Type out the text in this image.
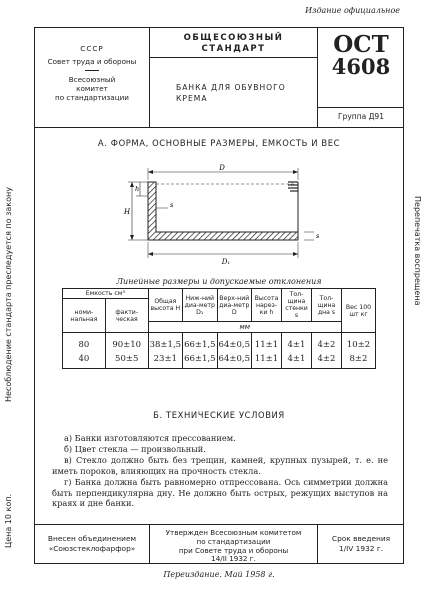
Издание официальное
СССР
Совет труда и обороны
Всесоюзный
комитет
по стандартизации
ОБЩЕСОЮЗНЫЙ
СТАНДАРТ
БАНКА ДЛЯ ОБУВНОГО
КРЕМА
ОСТ
4608
Группа Д91
Несоблюдение стандарта преследуется по закону
Цена 10 коп.
Перепечатка воспрещена
А. ФОРМА, ОСНОВНЫЕ РАЗМЕРЫ, ЕМКОСТЬ И ВЕС
D
H
h
s
s
D₁
Линейные размеры и допускаемые отклонения
Емкость см³		Общая высота H	Ниж-ний диа-метр D₁	Верх-ний диа-метр D	Высота нарез-ки h	Тол-щина стенки s	Тол-щина дна s	Вес 100 шт кг
номи-нальная	факти-ческая							
		мм						
80	90±10	38±1,5	66±1,5	64±0,5	11±1	4±1	4±2	10±2
40	50±5	23±1	66±1,5	64±0,5	11±1	4±1	4±2	8±2
Б. ТЕХНИЧЕСКИЕ УСЛОВИЯ
а) Банки изготовляются прессованием.
б) Цвет стекла — произвольный.
в) Стекло должно быть без трещин, камней, крупных пузырей, т. е. не иметь пороков, влияющих на прочность стекла.
г) Банка должна быть равномерно отпрессована. Ось симметрии должна быть перпендикулярна дну. Не должно быть острых, режущих выступов на краях и дне банки.
Внесен объединением
«Союзстеклофарфор»
Утвержден Всесоюзным комитетом
по стандартизации
при Совете труда и обороны
14/II 1932 г.
Срок введения
1/IV 1932 г.
Переиздание. Май 1958 г.
